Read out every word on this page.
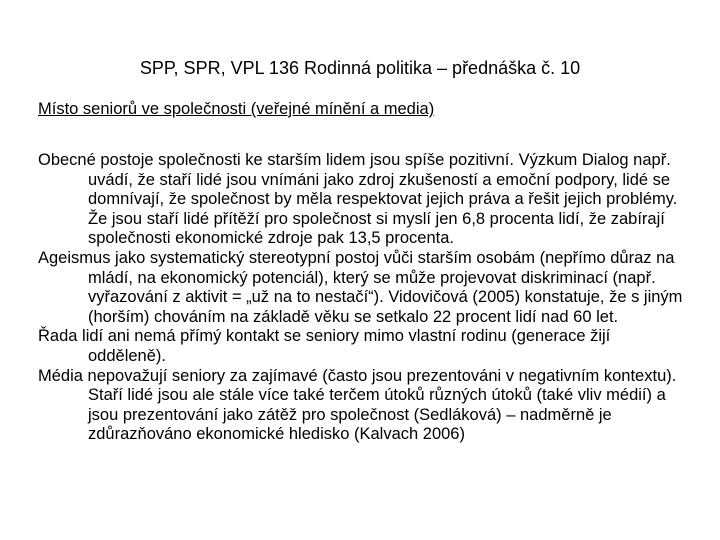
SPP, SPR, VPL 136 Rodinná politika – přednáška č. 10
Místo seniorů ve společnosti (veřejné mínění a media)

Obecné postoje společnosti ke starším lidem jsou spíše pozitivní. Výzkum Dialog např. uvádí, že staří lidé jsou vnímáni jako zdroj zkušeností a emoční podpory, lidé se domnívají, že společnost by měla respektovat jejich práva a řešit jejich problémy. Že jsou staří lidé přítěží pro společnost si myslí jen 6,8 procenta lidí, že zabírají společnosti ekonomické zdroje pak 13,5 procenta.

Ageismus jako systematický stereotypní postoj vůči starším osobám (nepřímo důraz na mládí, na ekonomický potenciál), který se může projevovat diskriminací (např. vyřazování z aktivit = „už na to nestačí“). Vidovičová (2005) konstatuje, že s jiným (horším) chováním na základě věku se setkalo 22 procent lidí nad 60 let.

Řada lidí ani nemá přímý kontakt se seniory mimo vlastní rodinu (generace žijí odděleně).

Média nepovažují seniory za zajímavé (často jsou prezentováni v negativním kontextu). Staří lidé jsou ale stále více také terčem útoků různých útoků (také vliv médií) a jsou prezentování jako zátěž pro společnost (Sedláková) – nadměrně je zdůrazňováno ekonomické hledisko (Kalvach 2006)
